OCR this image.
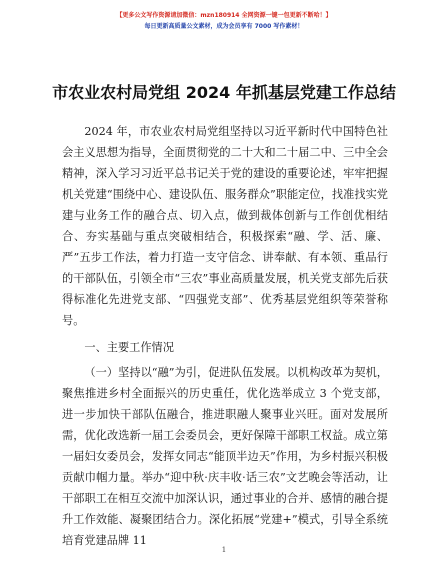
【更多公文写作资源请加微信：mzn180914 全网资源一键一包更新不断哈！】
每日更新高质量公文素材，成为会员享有 7000 写作素材！
市农业农村局党组 2024 年抓基层党建工作总结

2024 年，市农业农村局党组坚持以习近平新时代中国特色社会主义思想为指导，全面贯彻党的二十大和二十届二中、三中全会精神，深入学习习近平总书记关于党的建设的重要论述，牢牢把握机关党建“围绕中心、建设队伍、服务群众”职能定位，找准找实党建与业务工作的融合点、切入点，做到裁体创新与工作创优相结合、夯实基础与重点突破相结合，积极探索“融、学、活、廉、严”五步工作法，着力打造一支守信念、讲奉献、有本领、重品行的干部队伍，引领全市“三农”事业高质量发展，机关党支部先后获得标准化先进党支部、“四强党支部”、优秀基层党组织等荣誉称号。

一、主要工作情况

（一）坚持以“融”为引，促进队伍发展。以机构改革为契机，聚焦推进乡村全面振兴的历史重任，优化选举成立 3 个党支部，进一步加快干部队伍融合，推进职融人聚事业兴旺。面对发展所需，优化改选新一届工会委员会，更好保障干部职工权益。成立第一届妇女委员会，发挥女同志“能顶半边天”作用，为乡村振兴积极贡献巾帼力量。举办“迎中秋·庆丰收·话三农”文艺晚会等活动，让干部职工在相互交流中加深认识，通过事业的合并、感情的融合提升工作效能、凝聚团结合力。深化拓展“党建+”模式，引导全系统培育党建品牌 11

1
